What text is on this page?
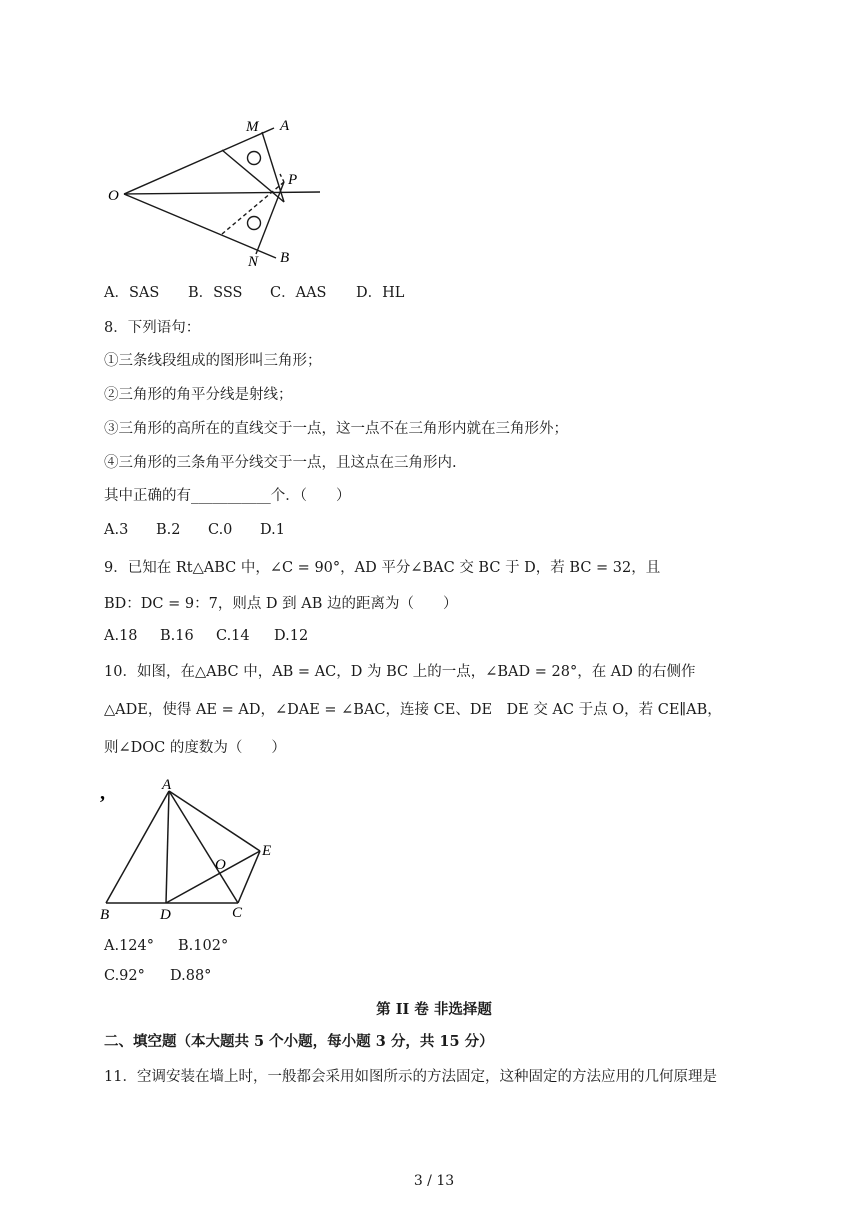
M A
O
P
N B
A．SAS B．SSS C．AAS D．HL
8．下列语句：
①三条线段组成的图形叫三角形；
②三角形的角平分线是射线；
③三角形的高所在的直线交于一点，这一点不在三角形内就在三角形外；
④三角形的三条角平分线交于一点，且这点在三角形内.
其中正确的有___________个．（　　）
A.3 B.2 C.0 D.1
9．已知在 Rt△ABC 中，∠C = 90°，AD 平分∠BAC 交 BC 于 D，若 BC = 32，且
BD：DC = 9：7，则点 D 到 AB 边的距离为（　　）
A.18 B.16 C.14 D.12
10．如图，在△ABC 中，AB = AC，D 为 BC 上的一点，∠BAD = 28°，在 AD 的右侧作
△ADE，使得 AE = AD，∠DAE = ∠BAC，连接 CE、DE　DE 交 AC 于点 O，若 CE∥AB，
则∠DOC 的度数为（　　）
,	A
B	D	C
O
E
A.124° B.102°
C.92° D.88°
第 II 卷 非选择题
二、填空题（本大题共 5 个小题，每小题 3 分，共 15 分）
11．空调安装在墙上时，一般都会采用如图所示的方法固定，这种固定的方法应用的几何原理是
3 / 13
